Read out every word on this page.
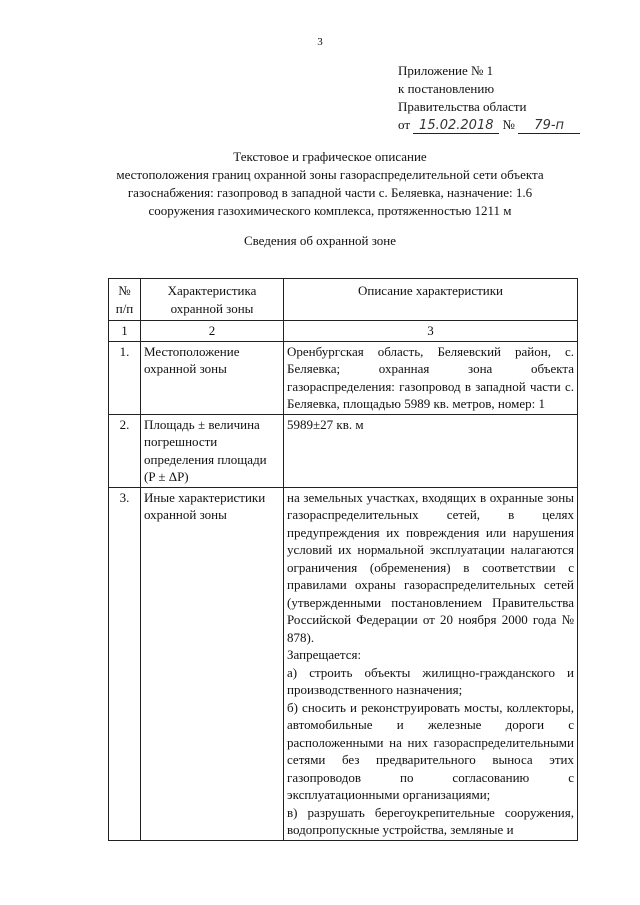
3
Приложение № 1
к постановлению
Правительства области
от 15.02.2018 № 79-п
Текстовое и графическое описание
местоположения границ охранной зоны газораспределительной сети объекта
газоснабжения: газопровод в западной части с. Беляевка, назначение: 1.6
сооружения газохимического комплекса, протяженностью 1211 м
Сведения об охранной зоне
№ п/п	Характеристика охранной зоны	Описание характеристики
1	2	3
1.	Местоположение охранной зоны	Оренбургская область, Беляевский район, с. Беляевка; охранная зона объекта газораспределения: газопровод в западной части с. Беляевка, площадью 5989 кв. метров, номер: 1
2.	Площадь ± величина погрешности определения площади (P ± ΔP)	5989±27 кв. м
3.	Иные характеристики охранной зоны	на земельных участках, входящих в охранные зоны газораспределительных сетей, в целях предупреждения их повреждения или нарушения условий их нормальной эксплуатации налагаются ограничения (обременения) в соответствии с правилами охраны газораспределительных сетей (утвержденными постановлением Правительства Российской Федерации от 20 ноября 2000 года № 878).
Запрещается:
а) строить объекты жилищно-гражданского и производственного назначения;
б) сносить и реконструировать мосты, коллекторы, автомобильные и железные дороги с расположенными на них газораспределительными сетями без предварительного выноса этих газопроводов по согласованию с эксплуатационными организациями;
в) разрушать берегоукрепительные сооружения, водопропускные устройства, земляные и
